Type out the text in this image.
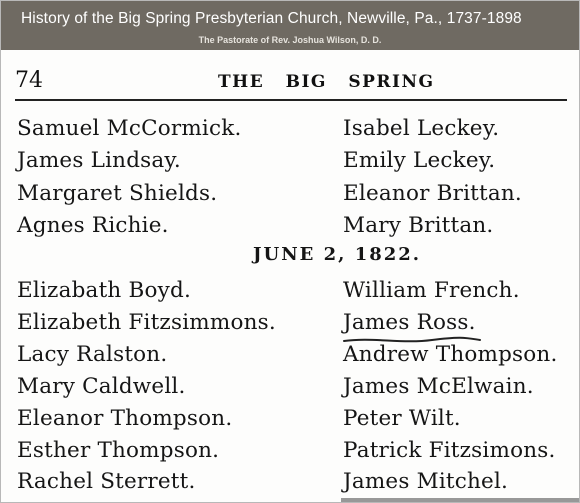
History of the Big Spring Presbyterian Church, Newville, Pa., 1737-1898
The Pastorate of Rev. Joshua Wilson, D. D.
74	THE BIG SPRING
Samuel McCormick.
James Lindsay.
Margaret Shields.
Agnes Richie.
Isabel Leckey.
Emily Leckey.
Eleanor Brittan.
Mary Brittan.
JUNE 2, 1822.
Elizabath Boyd.
Elizabeth Fitzsimmons.
Lacy Ralston.
Mary Caldwell.
Eleanor Thompson.
Esther Thompson.
Rachel Sterrett.
William French.
James Ross.
Andrew Thompson.
James McElwain.
Peter Wilt.
Patrick Fitzsimons.
James Mitchel.
